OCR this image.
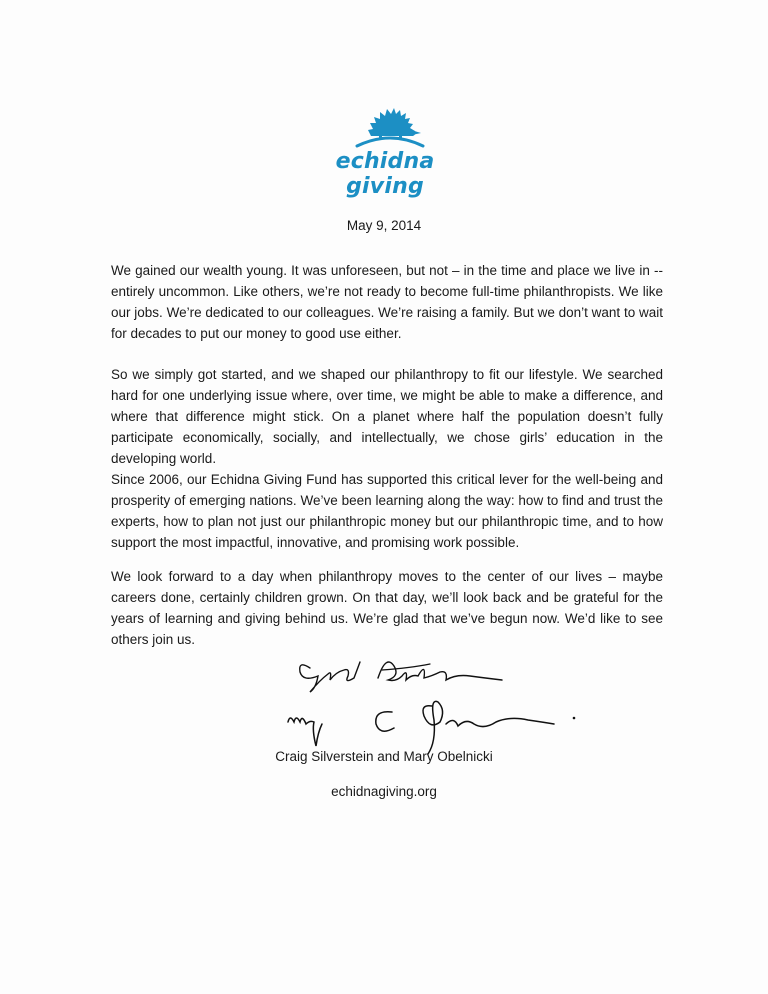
echidna giving
May 9, 2014

We gained our wealth young. It was unforeseen, but not – in the time and place we live in -- entirely uncommon. Like others, we’re not ready to become full-time philanthropists. We like our jobs. We’re dedicated to our colleagues. We’re raising a family. But we don’t want to wait for decades to put our money to good use either.

So we simply got started, and we shaped our philanthropy to fit our lifestyle. We searched hard for one underlying issue where, over time, we might be able to make a difference, and where that difference might stick. On a planet where half the population doesn’t fully participate economically, socially, and intellectually, we chose girls’ education in the developing world.

Since 2006, our Echidna Giving Fund has supported this critical lever for the well-being and prosperity of emerging nations. We’ve been learning along the way: how to find and trust the experts, how to plan not just our philanthropic money but our philanthropic time, and to how support the most impactful, innovative, and promising work possible.

We look forward to a day when philanthropy moves to the center of our lives – maybe careers done, certainly children grown. On that day, we’ll look back and be grateful for the years of learning and giving behind us. We’re glad that we’ve begun now. We’d like to see others join us.

Craig Silverstein and Mary Obelnicki
echidnagiving.org
